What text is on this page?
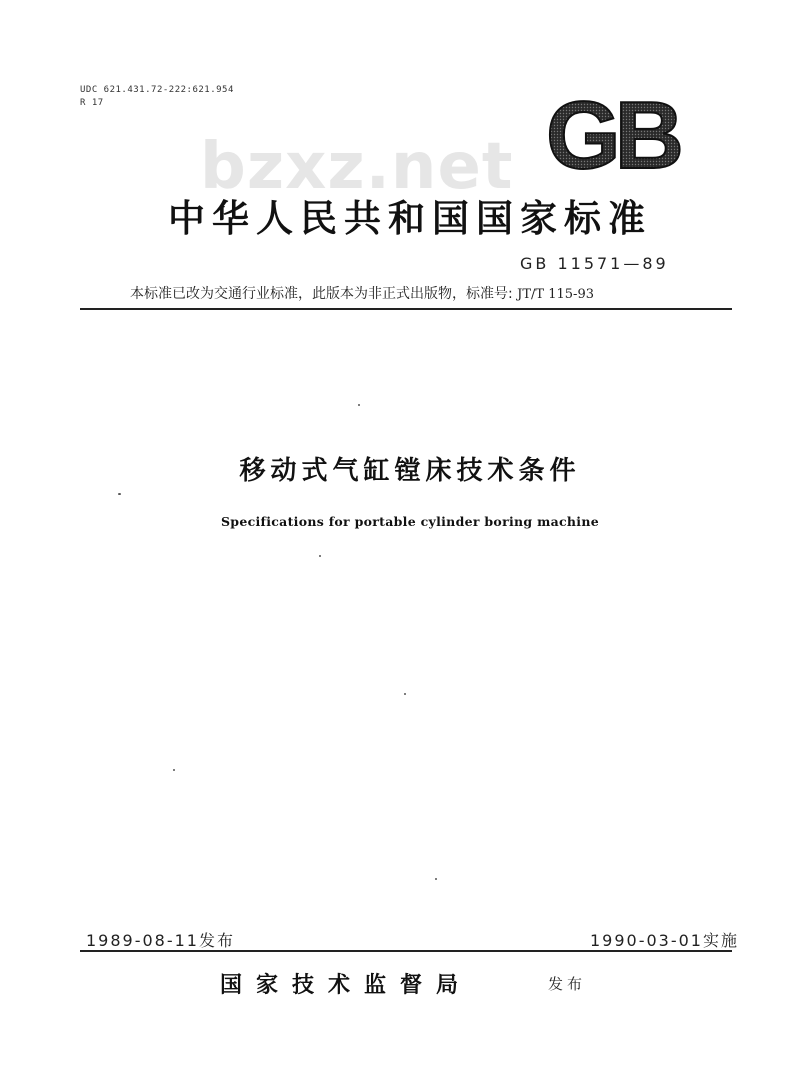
UDC 621.431.72-222:621.954
R 17
bzxz.net GB
中华人民共和国国家标准
GB 11571—89
本标准已改为交通行业标准，此版本为非正式出版物，标准号: JT/T 115-93
移动式气缸镗床技术条件
Specifications for portable cylinder boring machine
1989-08-11发布	1990-03-01实施
国家技术监督局	发布
